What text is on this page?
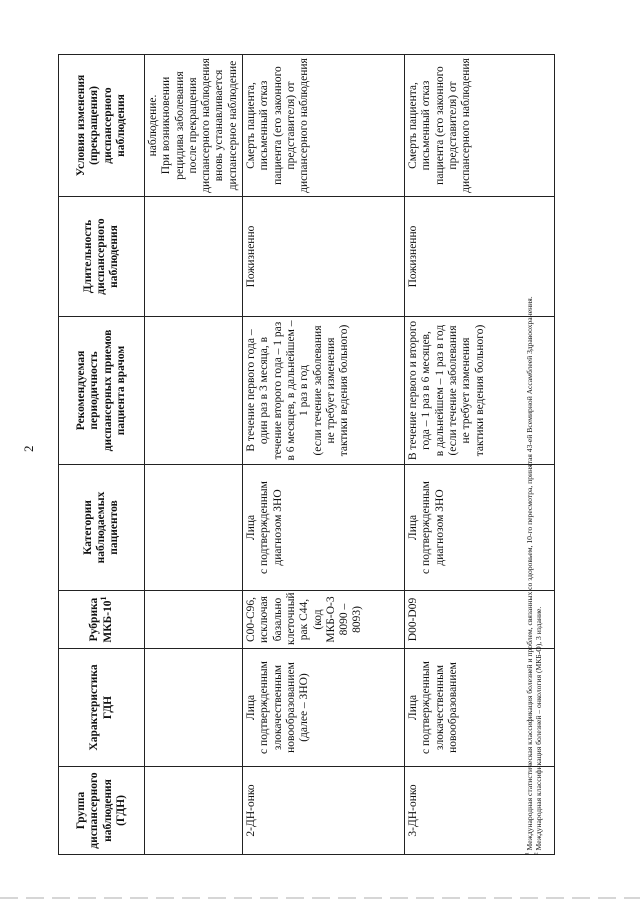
2
Группа диспансерного наблюдения (ГДН)	Характеристика ГДН	Рубрика МКБ-$10^1$	Категории наблюдаемых пациентов	Рекомендуемая периодичность диспансерных приемов пациента врачом	Длительность диспансерного наблюдения	Условия изменения (прекращения) диспансерного наблюдения
						наблюдение.
При возникновении рецидива заболевания после прекращения диспансерного наблюдения вновь устанавливается диспансерное наблюдение
2-ДН-онко	Лица
с подтвержденным злокачественным новообразованием (далее – ЗНО)	C00-C96, исключая базально клеточный рак C44, (код МКБ-О-3 8090 – 8093)	Лица
с подтвержденным диагнозом ЗНО	В течение первого года – один раз в 3 месяца, в течение второго года – 1 раз в 6 месяцев, в дальнейшем – 1 раз в год
(если течение заболевания не требует изменения тактики ведения больного)	Пожизненно	Смерть пациента, письменный отказ пациента (его законного представителя) от диспансерного наблюдения
3-ДН-онко	Лица
с подтвержденным злокачественным новообразованием	D00-D09	Лица
с подтвержденным диагнозом ЗНО	В течение первого и второго года – 1 раз в 6 месяцев,
в дальнейшем – 1 раз в год (если течение заболевания не требует изменения тактики ведения больного)	Пожизненно	Смерть пациента, письменный отказ пациента (его законного представителя) от диспансерного наблюдения
$^1$ Международная статистическая классификация болезней и проблем, связанных со здоровьем, 10-го пересмотра, принятая 43-ей Всемирной Ассамблеей Здравоохранения.
$^2$ Международная классификация болезней – онкология (МКБ-О), 3 издание.
